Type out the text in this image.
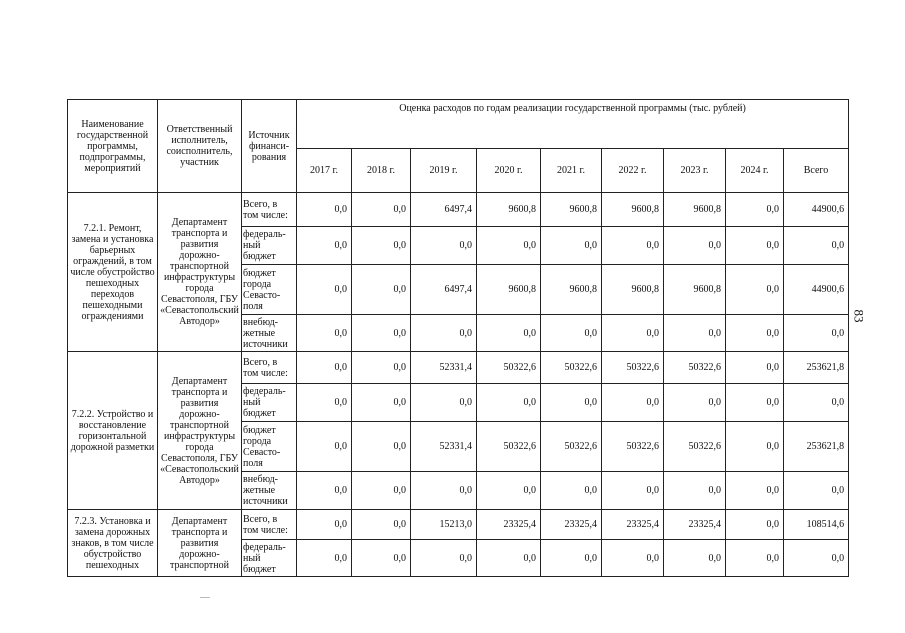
Наименование государственной программы, подпрограммы, мероприятий	Ответственный исполнитель, соисполнитель, участник	Источник финанси-рования	Оценка расходов по годам реализации государственной программы (тыс. рублей)								
			2017 г.	2018 г.	2019 г.	2020 г.	2021 г.	2022 г.	2023 г.	2024 г.	Всего
7.2.1. Ремонт, замена и установка барьерных ограждений, в том числе обустройство пешеходных переходов пешеходными ограждениями	Департамент транспорта и развития дорожно-транспортной инфраструктуры города Севастополя, ГБУ «Севастопольский Автодор»	Всего, в том числе:	0,0	0,0	6497,4	9600,8	9600,8	9600,8	9600,8	0,0	44900,6
		федераль-ный бюджет	0,0	0,0	0,0	0,0	0,0	0,0	0,0	0,0	0,0
		бюджет города Севасто-поля	0,0	0,0	6497,4	9600,8	9600,8	9600,8	9600,8	0,0	44900,6
		внебюд-жетные источники	0,0	0,0	0,0	0,0	0,0	0,0	0,0	0,0	0,0
7.2.2. Устройство и восстановление горизонтальной дорожной разметки	Департамент транспорта и развития дорожно-транспортной инфраструктуры города Севастополя, ГБУ «Севастопольский Автодор»	Всего, в том числе:	0,0	0,0	52331,4	50322,6	50322,6	50322,6	50322,6	0,0	253621,8
		федераль-ный бюджет	0,0	0,0	0,0	0,0	0,0	0,0	0,0	0,0	0,0
		бюджет города Севасто-поля	0,0	0,0	52331,4	50322,6	50322,6	50322,6	50322,6	0,0	253621,8
		внебюд-жетные источники	0,0	0,0	0,0	0,0	0,0	0,0	0,0	0,0	0,0
7.2.3. Установка и замена дорожных знаков, в том числе обустройство пешеходных	Департамент транспорта и развития дорожно-транспортной	Всего, в том числе:	0,0	0,0	15213,0	23325,4	23325,4	23325,4	23325,4	0,0	108514,6
		федераль-ный бюджет	0,0	0,0	0,0	0,0	0,0	0,0	0,0	0,0	0,0
83
